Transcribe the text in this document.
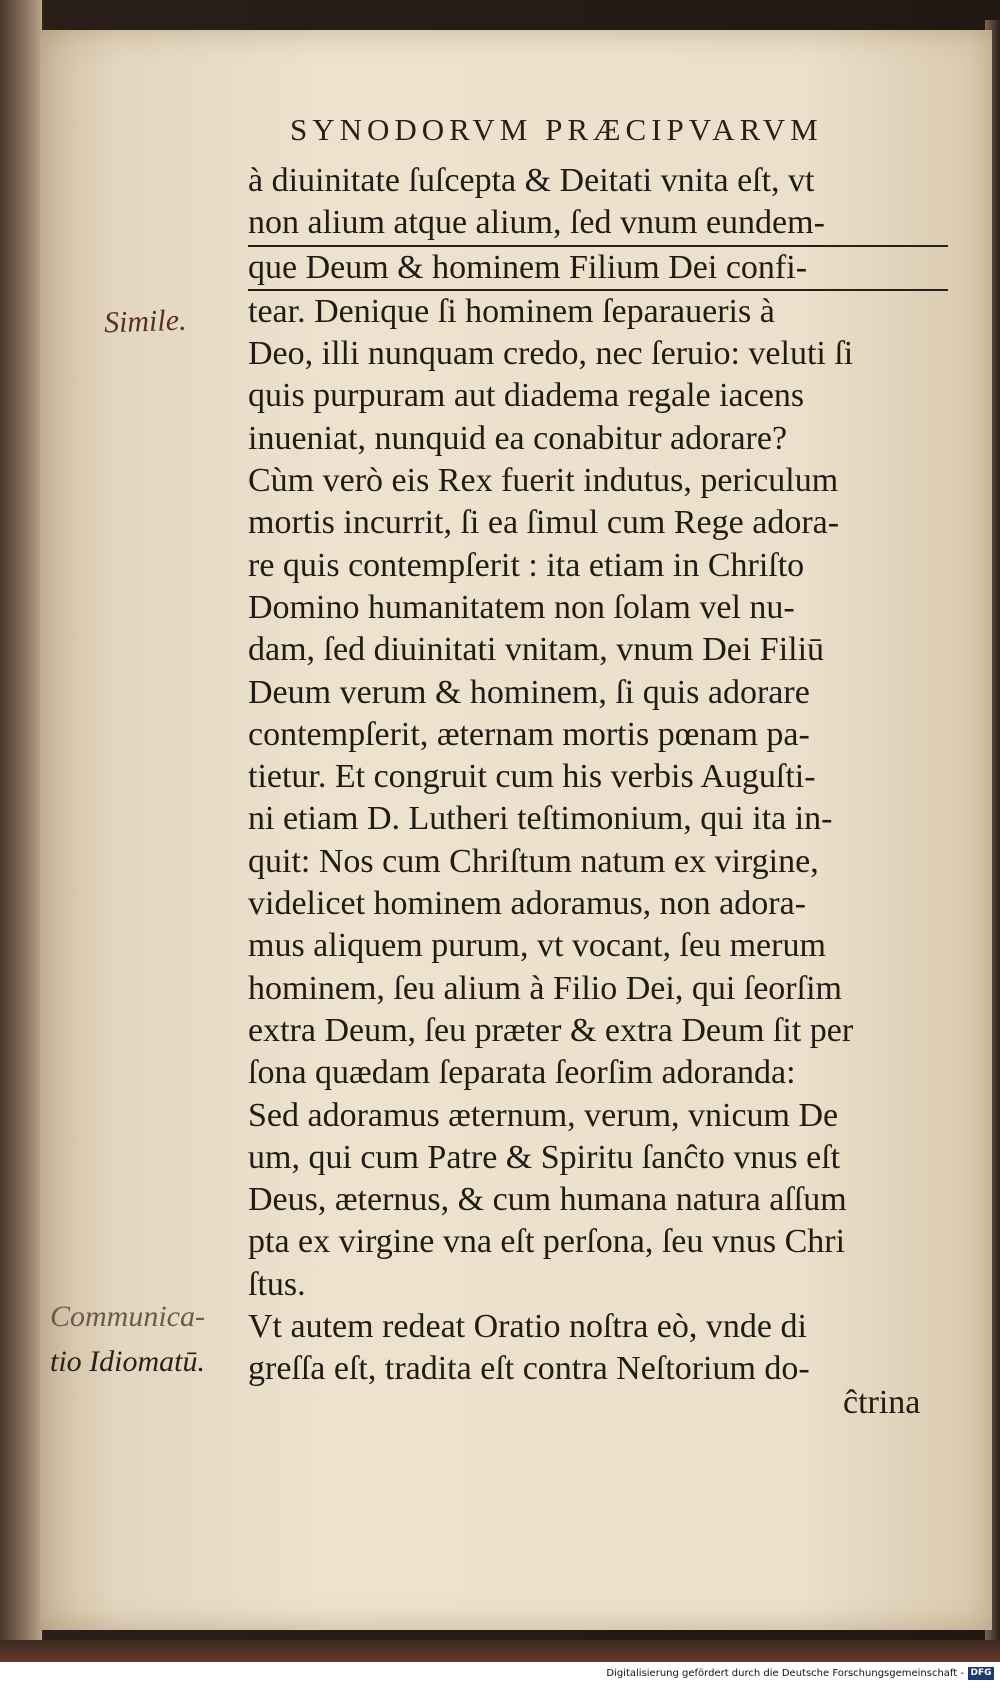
SYNODORVM PRÆCIPVARVM
Simile.
Communica-
tio Idiomatū.
à diuinitate ſuſcepta & Deitati vnita eſt, vt
non alium atque alium, ſed vnum eundem-
que Deum & hominem Filium Dei confi-
tear. Denique ſi hominem ſeparaueris à
Deo, illi nunquam credo, nec ſeruio: veluti ſi
quis purpuram aut diadema regale iacens
inueniat, nunquid ea conabitur adorare?
Cùm verò eis Rex fuerit indutus, periculum
mortis incurrit, ſi ea ſimul cum Rege adora-
re quis contempſerit : ita etiam in Chriſto
Domino humanitatem non ſolam vel nu-
dam, ſed diuinitati vnitam, vnum Dei Filiū
Deum verum & hominem, ſi quis adorare
contempſerit, æternam mortis pœnam pa-
tietur. Et congruit cum his verbis Auguſti-
ni etiam D. Lutheri teſtimonium, qui ita in-
quit: Nos cum Chriſtum natum ex virgine,
videlicet hominem adoramus, non adora-
mus aliquem purum, vt vocant, ſeu merum
hominem, ſeu alium à Filio Dei, qui ſeorſim
extra Deum, ſeu præter & extra Deum ſit per
ſona quædam ſeparata ſeorſim adoranda:
Sed adoramus æternum, verum, vnicum De
um, qui cum Patre & Spiritu ſanĉto vnus eſt
Deus, æternus, & cum humana natura aſſum
pta ex virgine vna eſt perſona, ſeu vnus Chri
ſtus.
Vt autem redeat Oratio noſtra eò, vnde di
greſſa eſt, tradita eſt contra Neſtorium do-
ĉtrina
Digitalisierung gefördert durch die Deutsche Forschungsgemeinschaft - DFG
